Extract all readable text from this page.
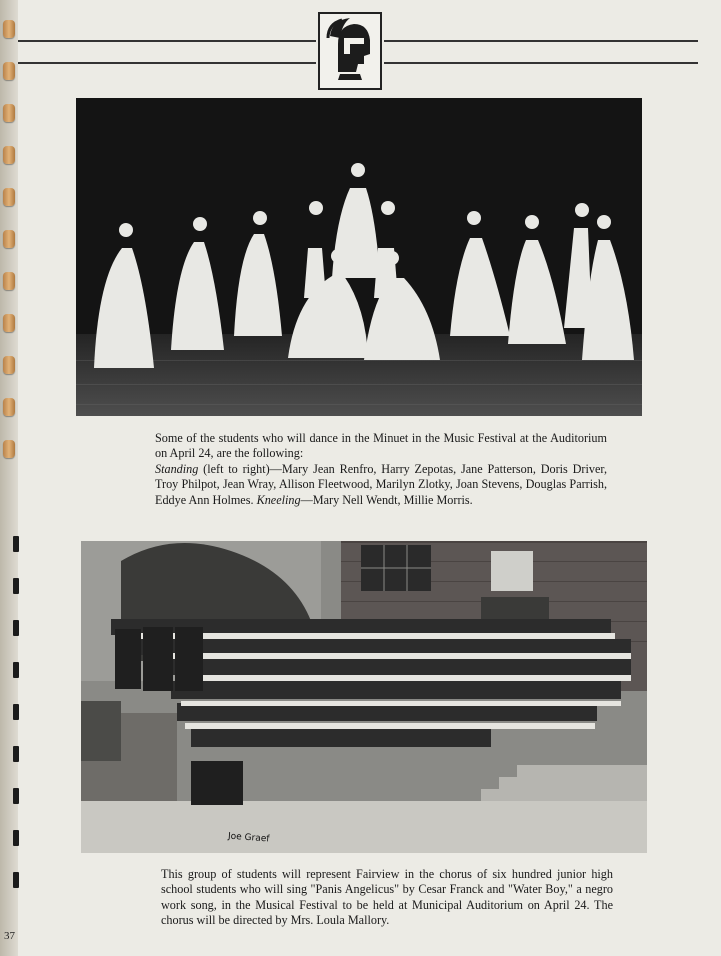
Some of the students who will dance in the Minuet in the Music Festival at the Auditorium on April 24, are the following:
Standing (left to right)—Mary Jean Renfro, Harry Zepotas, Jane Patterson, Doris Driver, Troy Philpot, Jean Wray, Allison Fleetwood, Marilyn Zlotky, Joan Stevens, Douglas Parrish, Eddye Ann Holmes. Kneeling—Mary Nell Wendt, Millie Morris.

Joe Graef

This group of students will represent Fairview in the chorus of six hundred junior high school students who will sing "Panis Angelicus" by Cesar Franck and "Water Boy," a negro work song, in the Musical Festival to be held at Municipal Auditorium on April 24. The chorus will be directed by Mrs. Loula Mallory.

37
